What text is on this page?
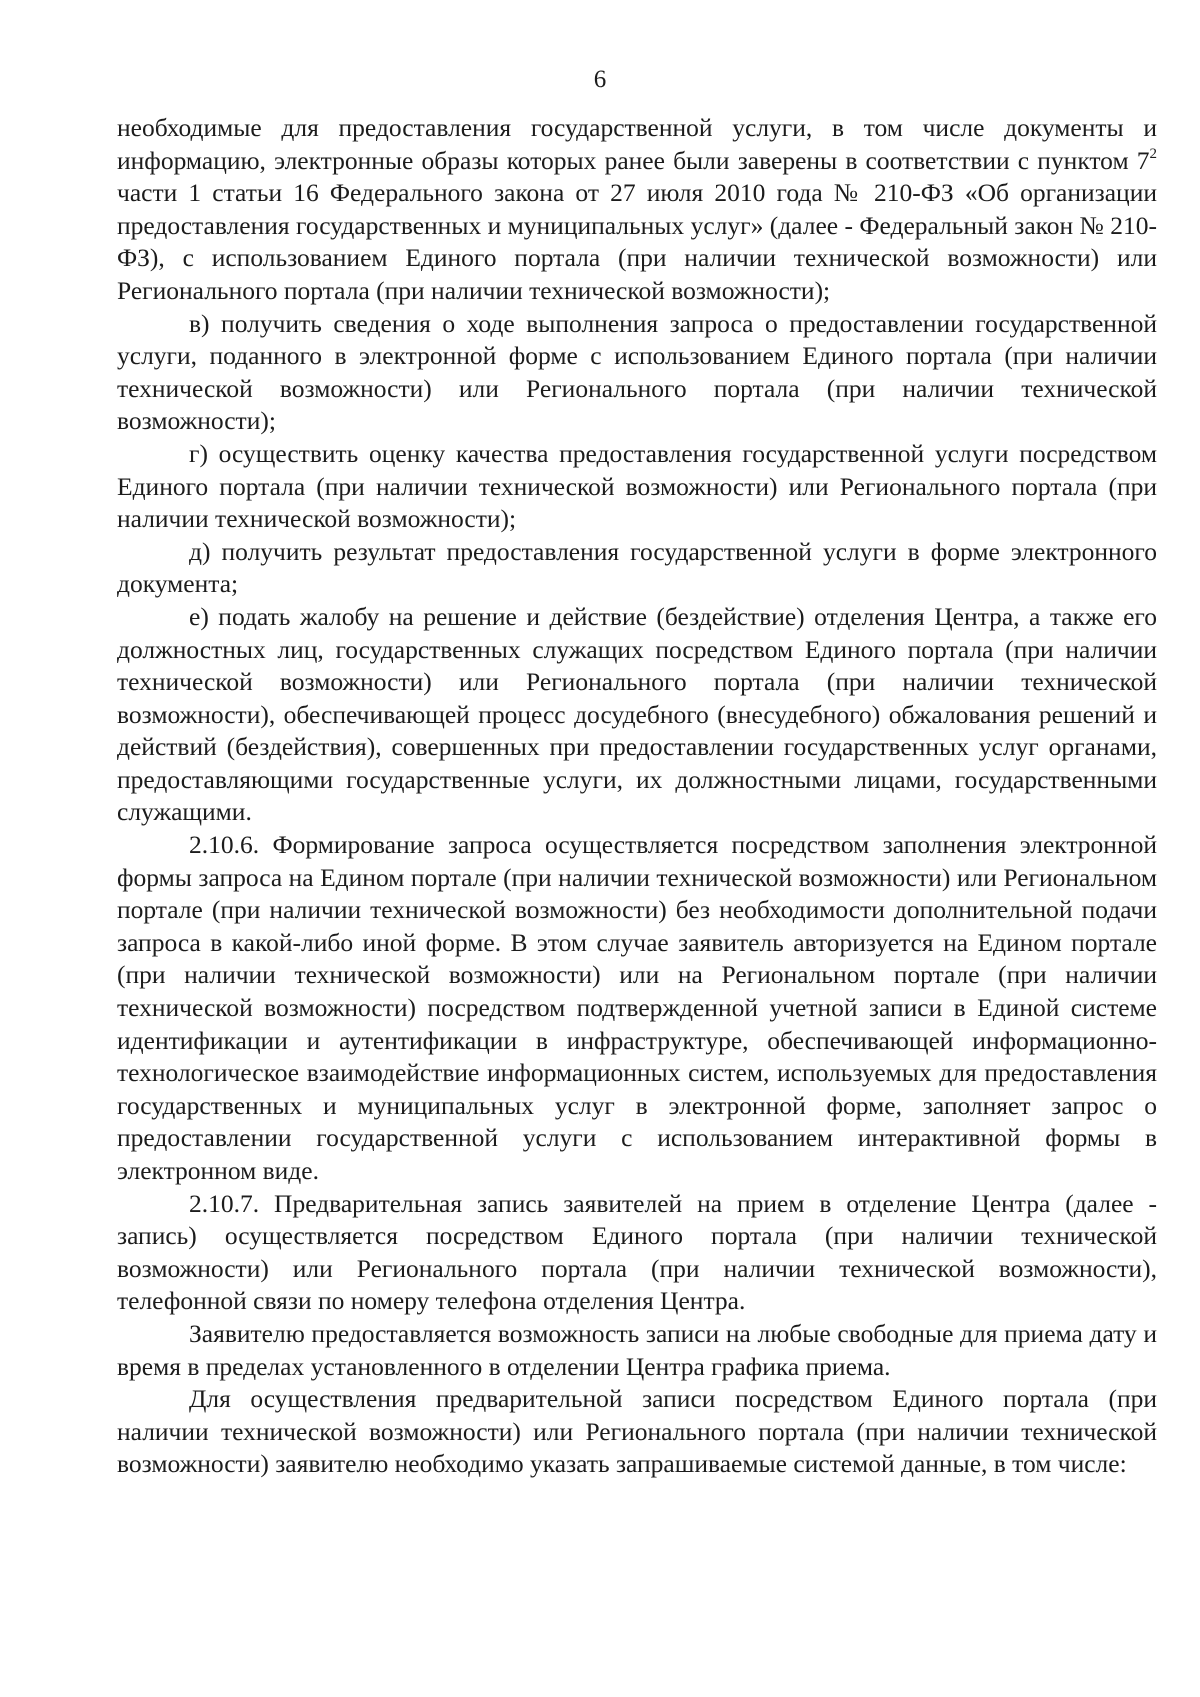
6

необходимые для предоставления государственной услуги, в том числе документы и информацию, электронные образы которых ранее были заверены в соответствии с пунктом $7^2$ части 1 статьи 16 Федерального закона от 27 июля 2010 года № 210-ФЗ «Об организации предоставления государственных и муниципальных услуг» (далее - Федеральный закон № 210-ФЗ), с использованием Единого портала (при наличии технической возможности) или Регионального портала (при наличии технической возможности);

в) получить сведения о ходе выполнения запроса о предоставлении государственной услуги, поданного в электронной форме с использованием Единого портала (при наличии технической возможности) или Регионального портала (при наличии технической возможности);

г) осуществить оценку качества предоставления государственной услуги посредством Единого портала (при наличии технической возможности) или Регионального портала (при наличии технической возможности);

д) получить результат предоставления государственной услуги в форме электронного документа;

е) подать жалобу на решение и действие (бездействие) отделения Центра, а также его должностных лиц, государственных служащих посредством Единого портала (при наличии технической возможности) или Регионального портала (при наличии технической возможности), обеспечивающей процесс досудебного (внесудебного) обжалования решений и действий (бездействия), совершенных при предоставлении государственных услуг органами, предоставляющими государственные услуги, их должностными лицами, государственными служащими.

2.10.6. Формирование запроса осуществляется посредством заполнения электронной формы запроса на Едином портале (при наличии технической возможности) или Региональном портале (при наличии технической возможности) без необходимости дополнительной подачи запроса в какой-либо иной форме. В этом случае заявитель авторизуется на Едином портале (при наличии технической возможности) или на Региональном портале (при наличии технической возможности) посредством подтвержденной учетной записи в Единой системе идентификации и аутентификации в инфраструктуре, обеспечивающей информационно-технологическое взаимодействие информационных систем, используемых для предоставления государственных и муниципальных услуг в электронной форме, заполняет запрос о предоставлении государственной услуги с использованием интерактивной формы в электронном виде.

2.10.7. Предварительная запись заявителей на прием в отделение Центра (далее - запись) осуществляется посредством Единого портала (при наличии технической возможности) или Регионального портала (при наличии технической возможности), телефонной связи по номеру телефона отделения Центра.

Заявителю предоставляется возможность записи на любые свободные для приема дату и время в пределах установленного в отделении Центра графика приема.

Для осуществления предварительной записи посредством Единого портала (при наличии технической возможности) или Регионального портала (при наличии технической возможности) заявителю необходимо указать запрашиваемые системой данные, в том числе:
